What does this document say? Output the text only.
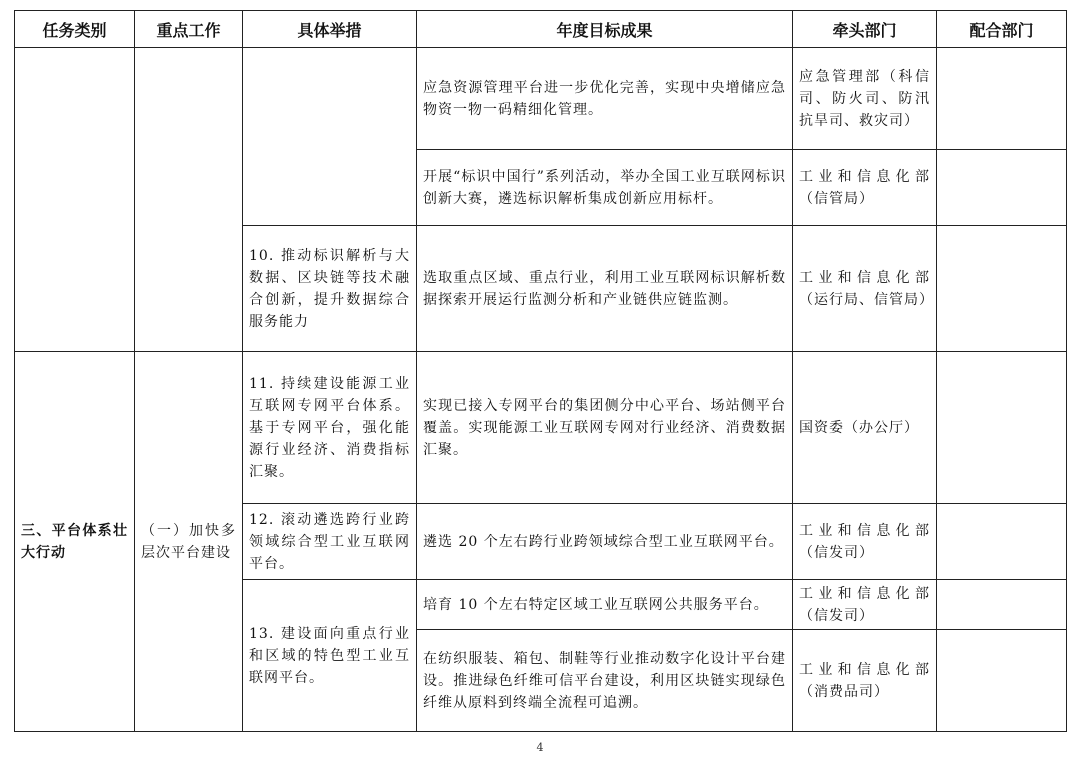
任务类别	重点工作	具体举措	年度目标成果	牵头部门	配合部门
			应急资源管理平台进一步优化完善，实现中央增储应急物资一物一码精细化管理。	应急管理部（科信司、防火司、防汛抗旱司、救灾司）	
			开展“标识中国行”系列活动，举办全国工业互联网标识创新大赛，遴选标识解析集成创新应用标杆。	工业和信息化部（信管局）	
		10. 推动标识解析与大数据、区块链等技术融合创新，提升数据综合服务能力	选取重点区域、重点行业，利用工业互联网标识解析数据探索开展运行监测分析和产业链供应链监测。	工业和信息化部（运行局、信管局）	
三、平台体系壮大行动	（一）加快多层次平台建设	11. 持续建设能源工业互联网专网平台体系。基于专网平台，强化能源行业经济、消费指标汇聚。	实现已接入专网平台的集团侧分中心平台、场站侧平台覆盖。实现能源工业互联网专网对行业经济、消费数据汇聚。	国资委（办公厅）	
		12. 滚动遴选跨行业跨领域综合型工业互联网平台。	遴选 20 个左右跨行业跨领域综合型工业互联网平台。	工业和信息化部（信发司）	
		13. 建设面向重点行业和区域的特色型工业互联网平台。	培育 10 个左右特定区域工业互联网公共服务平台。	工业和信息化部（信发司）	
			在纺织服装、箱包、制鞋等行业推动数字化设计平台建设。推进绿色纤维可信平台建设，利用区块链实现绿色纤维从原料到终端全流程可追溯。	工业和信息化部（消费品司）	
4
